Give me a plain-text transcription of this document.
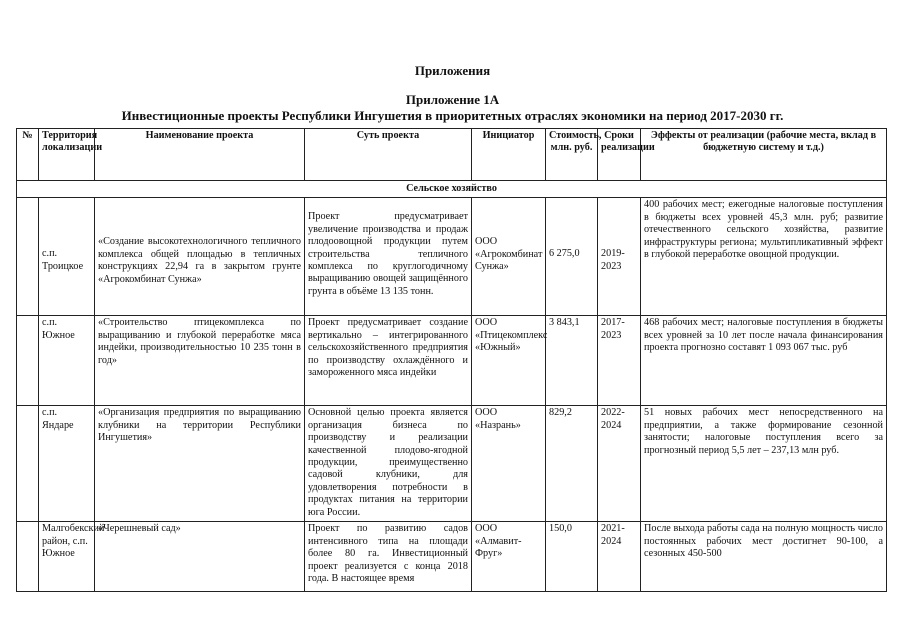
Приложения
Приложение 1А
Инвестиционные проекты Республики Ингушетия в приоритетных отраслях экономики на период 2017-2030 гг.
№	Территория локализации	Наименование проекта	Суть проекта	Инициатор	Стоимость, млн. руб.	Сроки реализации	Эффекты от реализации (рабочие места, вклад в бюджетную систему и т.д.)
Сельское хозяйство							
	с.п. Троицкое	«Создание высокотехнологичного тепличного комплекса общей площадью в тепличных конструкциях 22,94 га в закрытом грунте «Агрокомбинат Сунжа»	Проект предусматривает увеличение производства и продаж плодоовощной продукции путем строительства тепличного комплекса по круглогодичному выращиванию овощей защищённого грунта в объёме 13 135 тонн.	ООО «Агрокомбинат Сунжа»	6 275,0	2019-2023	400 рабочих мест; ежегодные налоговые поступления в бюджеты всех уровней 45,3 млн. руб; развитие отечественного сельского хозяйства, развитие инфраструктуры региона; мультипликативный эффект в глубокой переработке овощной продукции.
	с.п. Южное	«Строительство птицекомплекса по выращиванию и глубокой переработке мяса индейки, производительностью 10 235 тонн в год»	Проект предусматривает создание вертикально – интегрированного сельскохозяйственного предприятия по производству охлаждённого и замороженного мяса индейки	ООО «Птицекомплекс «Южный»	3 843,1	2017-2023	468 рабочих мест; налоговые поступления в бюджеты всех уровней за 10 лет после начала финансирования проекта прогнозно составят 1 093 067 тыс. руб
	с.п. Яндаре	«Организация предприятия по выращиванию клубники на территории Республики Ингушетия»	Основной целью проекта является организация бизнеса по производству и реализации качественной плодово-ягодной продукции, преимущественно садовой клубники, для удовлетворения потребности в продуктах питания на территории юга России.	ООО «Назрань»	829,2	2022-2024	51 новых рабочих мест непосредственного на предприятии, а также формирование сезонной занятости; налоговые поступления всего за прогнозный период 5,5 лет – 237,13 млн руб.
	Малгобекский район, с.п. Южное	«Черешневый сад»	Проект по развитию садов интенсивного типа на площади более 80 га. Инвестиционный проект реализуется с конца 2018 года. В настоящее время	ООО «Алмавит-Фруг»	150,0	2021-2024	После выхода работы сада на полную мощность число постоянных рабочих мест достигнет 90-100, а сезонных 450-500
